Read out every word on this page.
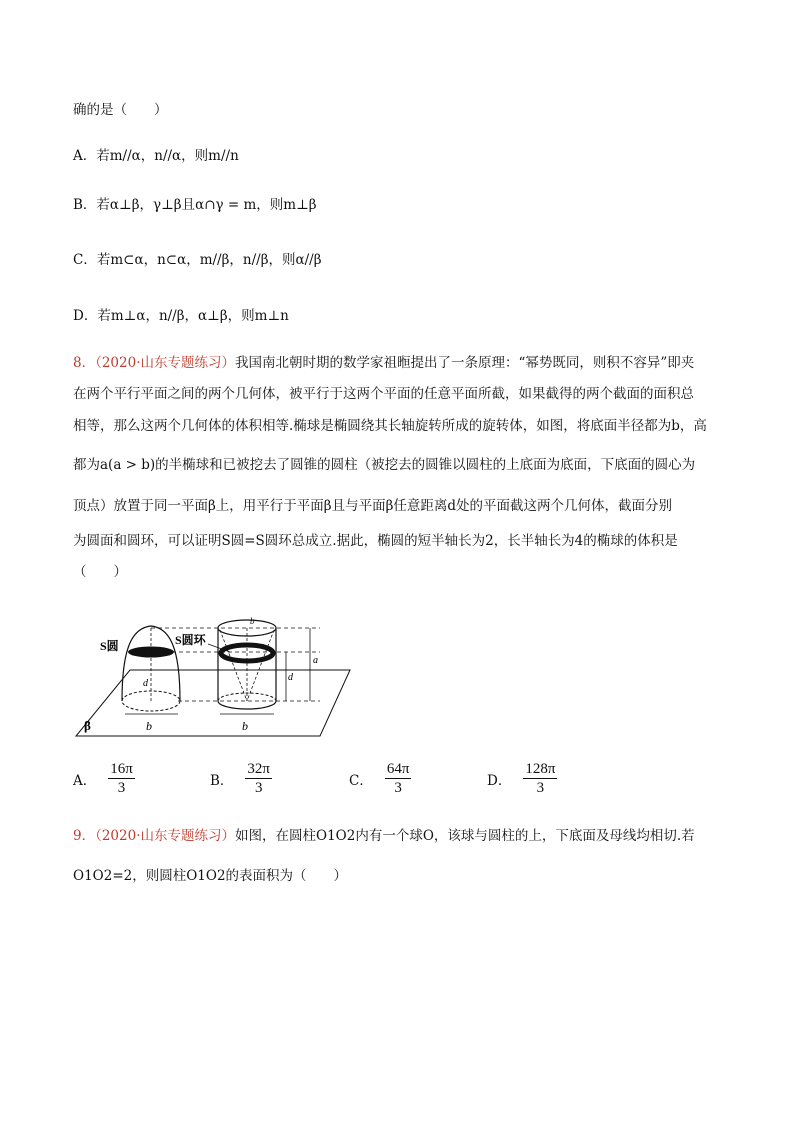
确的是（　　）
A．若m//α，n//α，则m//n
B．若α⊥β，γ⊥β且α∩γ = m，则m⊥β
C．若m⊂α，n⊂α，m//β，n//β，则α//β
D．若m⊥α，n//β，α⊥β，则m⊥n
8．（2020·山东专题练习）我国南北朝时期的数学家祖暅提出了一条原理：“幂势既同，则积不容异”即夹
在两个平行平面之间的两个几何体，被平行于这两个平面的任意平面所截，如果截得的两个截面的面积总
相等，那么这两个几何体的体积相等.椭球是椭圆绕其长轴旋转所成的旋转体，如图，将底面半径都为b，高
都为a(a > b)的半椭球和已被挖去了圆锥的圆柱（被挖去的圆锥以圆柱的上底面为底面，下底面的圆心为
顶点）放置于同一平面β上，用平行于平面β且与平面β任意距离d处的平面截这两个几何体，截面分别
为圆面和圆环，可以证明S圆=S圆环总成立.据此，椭圆的短半轴长为2，长半轴长为4的椭球的体积是
（　　）
β
S圆
d
b
b
S圆环
b
a
d
A． $\frac{16\pi}{3}$	B． $\frac{32\pi}{3}$	C． $\frac{64\pi}{3}$	D． $\frac{128\pi}{3}$
9．（2020·山东专题练习）如图，在圆柱O1O2内有一个球O，该球与圆柱的上，下底面及母线均相切.若
O1O2=2，则圆柱O1O2的表面积为（　　）
